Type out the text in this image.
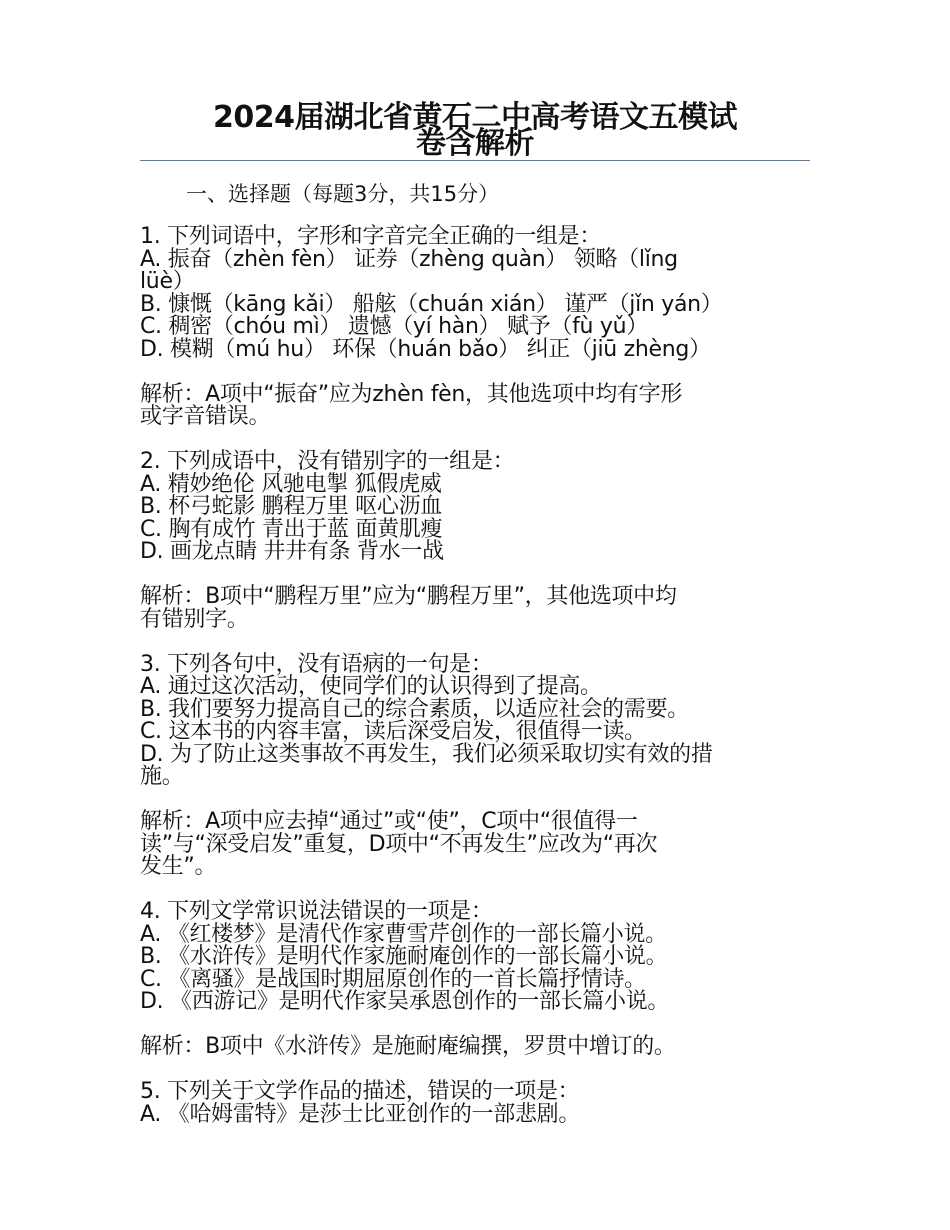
2024届湖北省黄石二中高考语文五模试
卷含解析
一、选择题（每题3分，共15分）
1. 下列词语中，字形和字音完全正确的一组是：
A. 振奋（zhèn fèn） 证券（zhèng quàn） 领略（lǐng
lüè）
B. 慷慨（kāng kǎi） 船舷（chuán xián） 谨严（jǐn yán）
C. 稠密（chóu mì） 遗憾（yí hàn） 赋予（fù yǔ）
D. 模糊（mú hu） 环保（huán bǎo） 纠正（jiū zhèng）
解析：A项中“振奋”应为zhèn fèn，其他选项中均有字形
或字音错误。
2. 下列成语中，没有错别字的一组是：
A. 精妙绝伦 风驰电掣 狐假虎威
B. 杯弓蛇影 鹏程万里 呕心沥血
C. 胸有成竹 青出于蓝 面黄肌瘦
D. 画龙点睛 井井有条 背水一战
解析：B项中“鹏程万里”应为“鹏程万里”，其他选项中均
有错别字。
3. 下列各句中，没有语病的一句是：
A. 通过这次活动，使同学们的认识得到了提高。
B. 我们要努力提高自己的综合素质，以适应社会的需要。
C. 这本书的内容丰富，读后深受启发，很值得一读。
D. 为了防止这类事故不再发生，我们必须采取切实有效的措
施。
解析：A项中应去掉“通过”或“使”，C项中“很值得一
读”与“深受启发”重复，D项中“不再发生”应改为“再次
发生”。
4. 下列文学常识说法错误的一项是：
A. 《红楼梦》是清代作家曹雪芹创作的一部长篇小说。
B. 《水浒传》是明代作家施耐庵创作的一部长篇小说。
C. 《离骚》是战国时期屈原创作的一首长篇抒情诗。
D. 《西游记》是明代作家吴承恩创作的一部长篇小说。
解析：B项中《水浒传》是施耐庵编撰，罗贯中增订的。
5. 下列关于文学作品的描述，错误的一项是：
A. 《哈姆雷特》是莎士比亚创作的一部悲剧。
